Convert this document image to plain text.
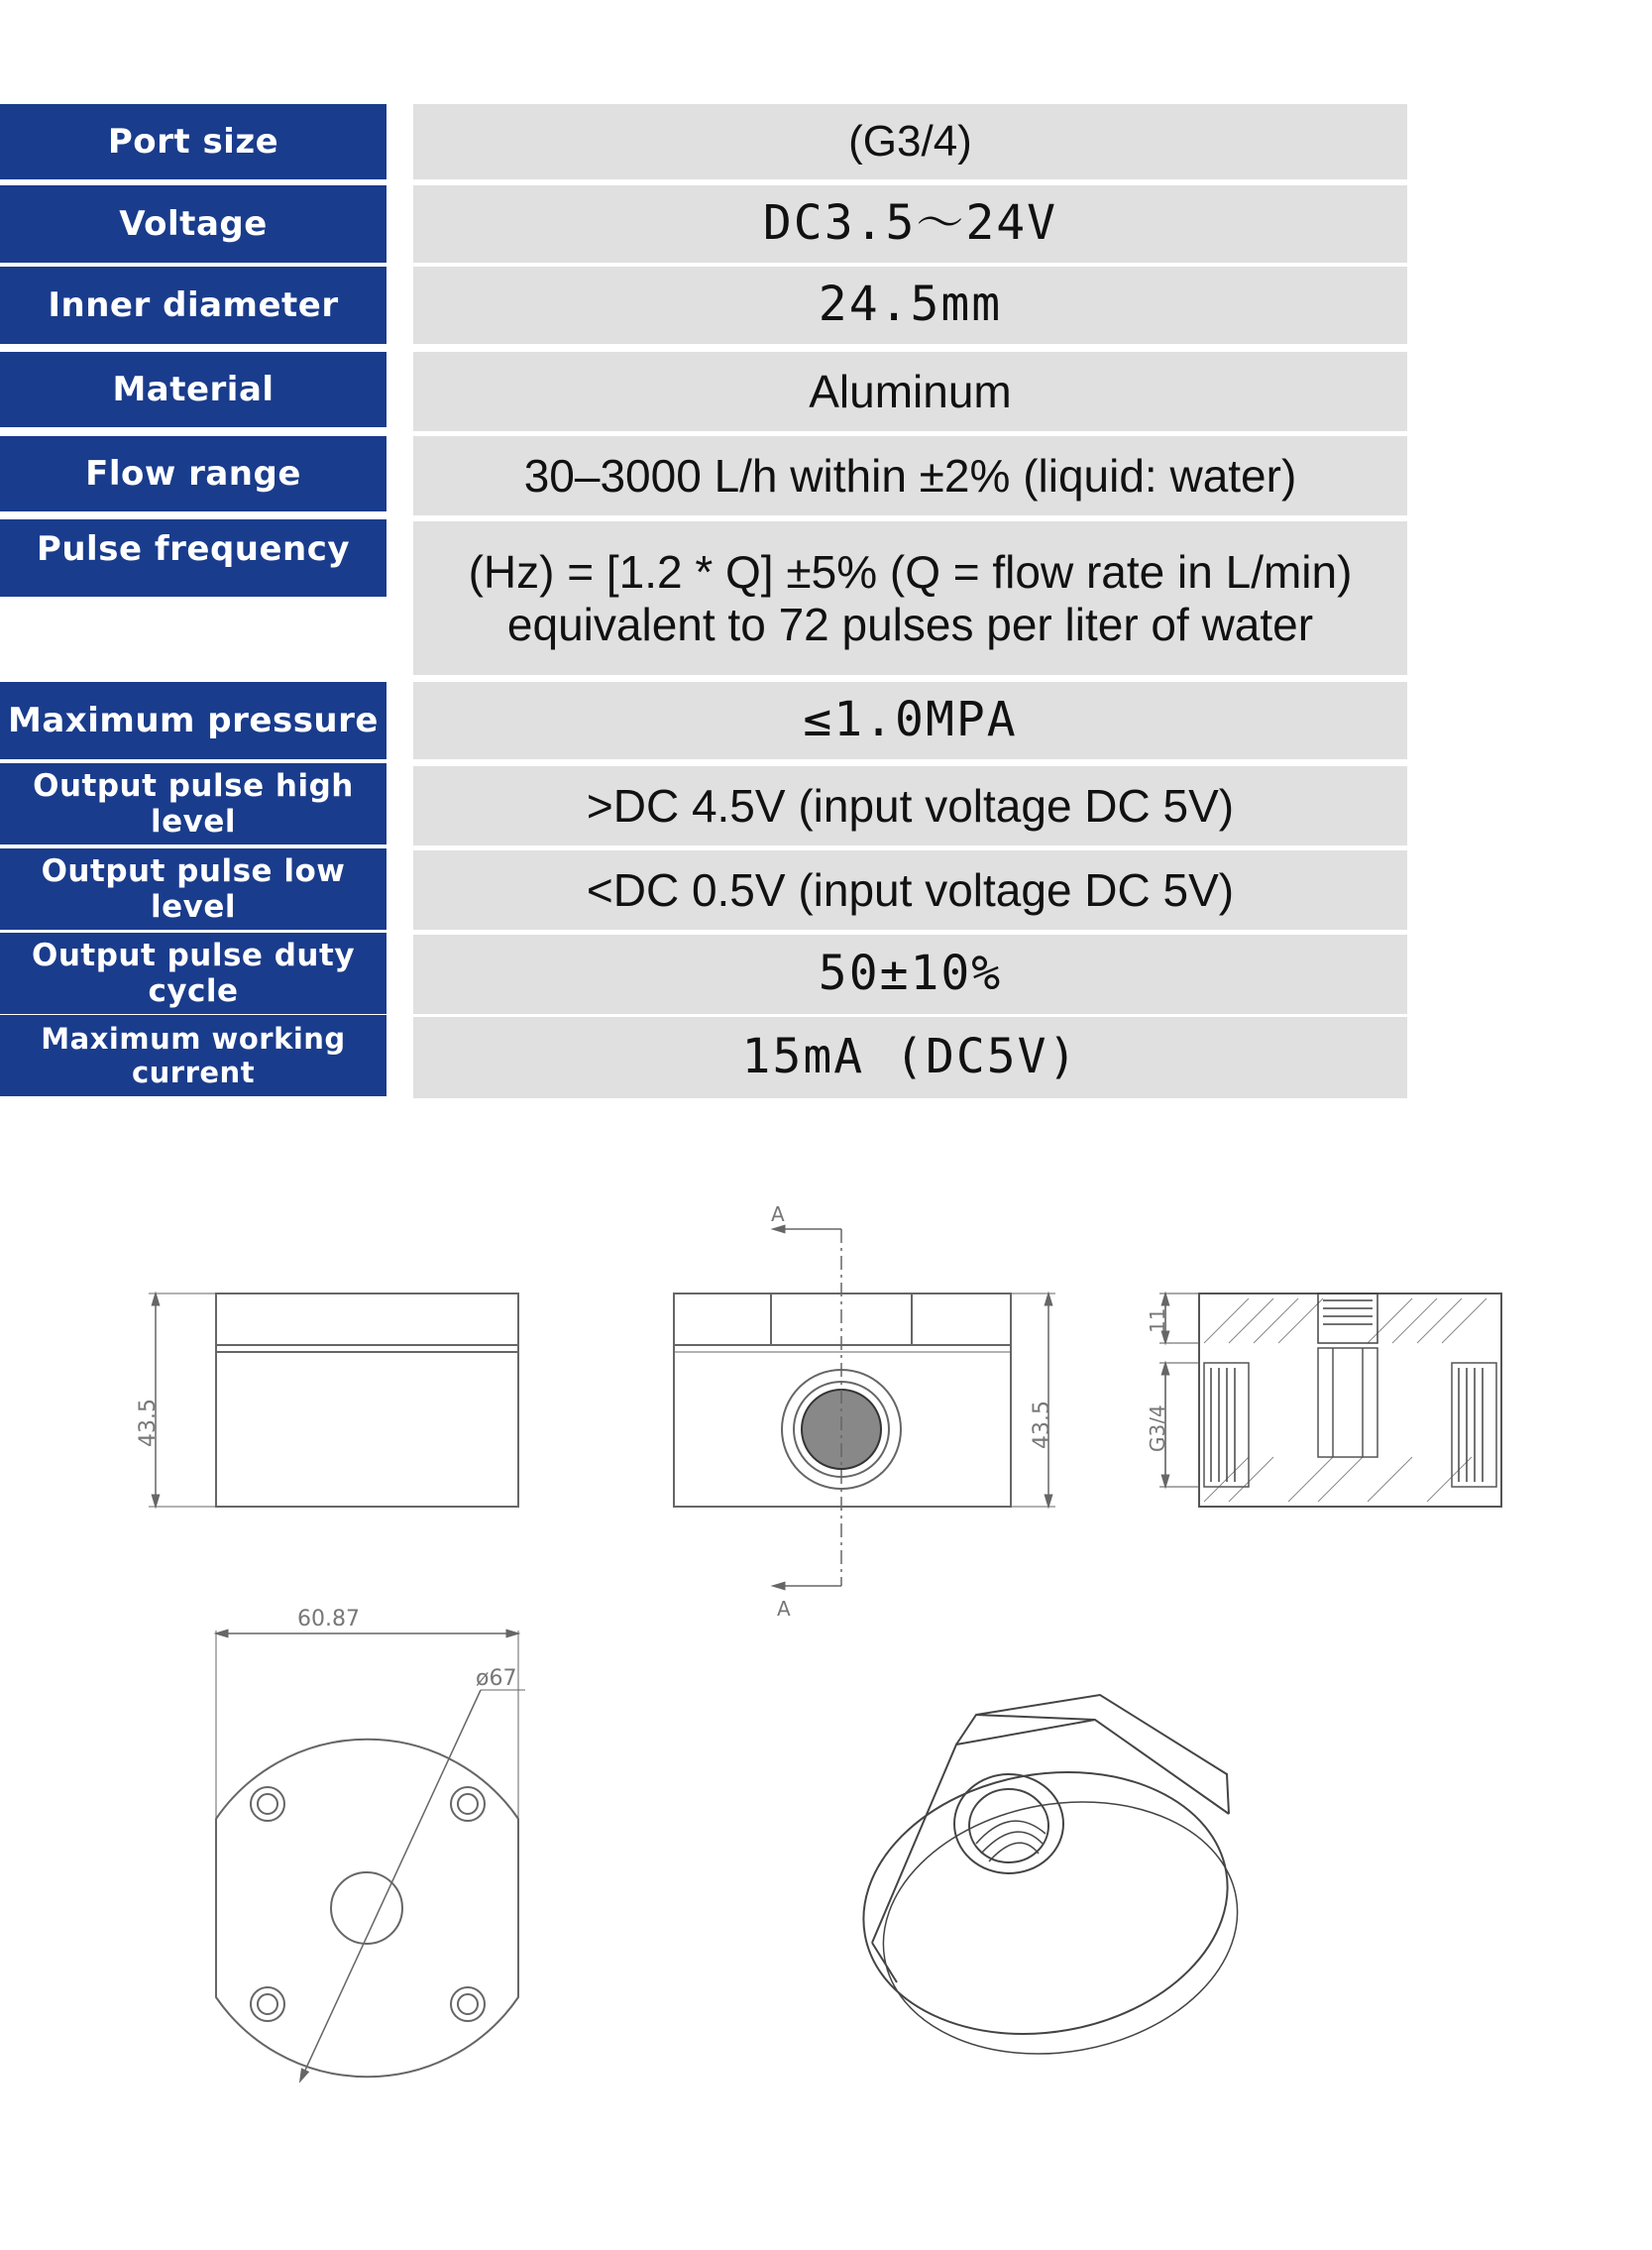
Port size	(G3/4)
Voltage	DC3.5～24V
Inner diameter	24.5mm
Material	Aluminum
Flow range	30–3000 L/h within ±2% (liquid: water)
Pulse frequency	(Hz) = [1.2 * Q] ±5% (Q = flow rate in L/min)
equivalent to 72 pulses per liter of water
Maximum pressure	≤1.0MPA
Output pulse high level	>DC 4.5V (input voltage DC 5V)
Output pulse low level	<DC 0.5V (input voltage DC 5V)
Output pulse duty cycle	50±10%
Maximum working current	15mA (DC5V)
43.5
A
A
43.5
11
G3/4
60.87
ø67
